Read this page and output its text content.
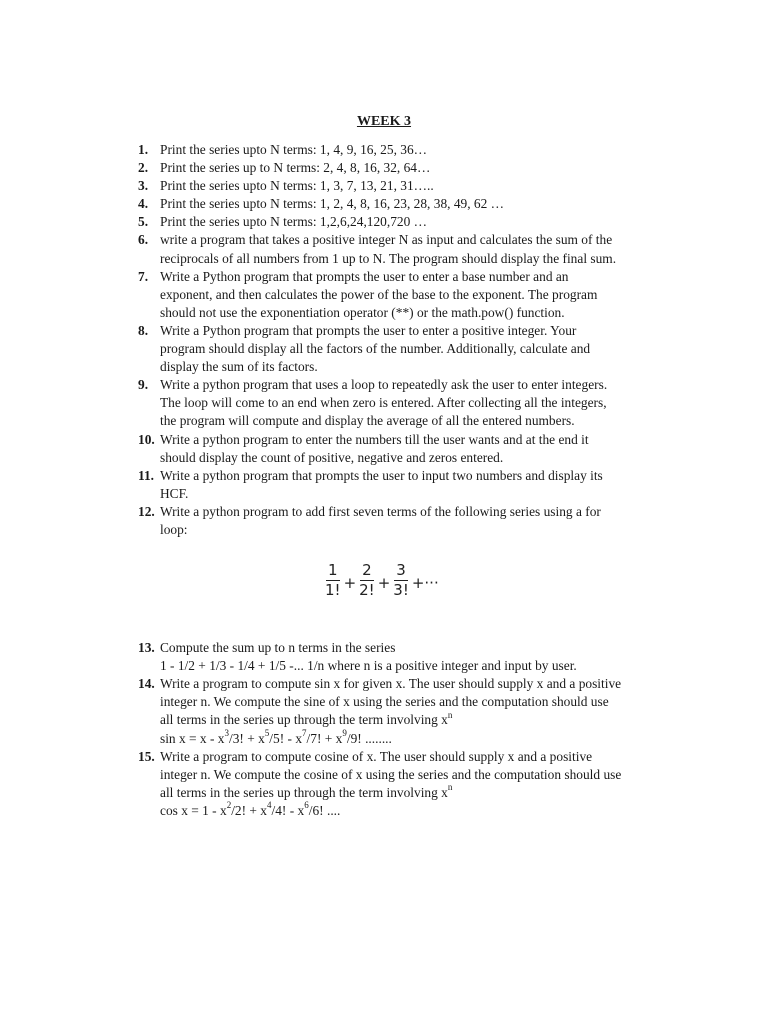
WEEK 3
1. Print the series upto N terms: 1, 4, 9, 16, 25, 36…
2. Print the series up to N terms: 2, 4, 8, 16, 32, 64…
3. Print the series upto N terms: 1, 3, 7, 13, 21, 31…..
4. Print the series upto N terms: 1, 2, 4, 8, 16, 23, 28, 38, 49, 62 …
5. Print the series upto N terms: 1,2,6,24,120,720 …
6. write a program that takes a positive integer N as input and calculates the sum of the
reciprocals of all numbers from 1 up to N. The program should display the final sum.
7. Write a Python program that prompts the user to enter a base number and an
exponent, and then calculates the power of the base to the exponent. The program
should not use the exponentiation operator (**) or the math.pow() function.
8. Write a Python program that prompts the user to enter a positive integer. Your
program should display all the factors of the number. Additionally, calculate and
display the sum of its factors.
9. Write a python program that uses a loop to repeatedly ask the user to enter integers.
The loop will come to an end when zero is entered. After collecting all the integers,
the program will compute and display the average of all the entered numbers.
10. Write a python program to enter the numbers till the user wants and at the end it
should display the count of positive, negative and zeros entered.
11. Write a python program that prompts the user to input two numbers and display its
HCF.
12. Write a python program to add first seven terms of the following series using a for
loop:
$\frac{1}{1!} + \frac{2}{2!} + \frac{3}{3!}$ +···
13. Compute the sum up to n terms in the series
1 - 1/2 + 1/3 - 1/4 + 1/5 -... 1/n where n is a positive integer and input by user.
14. Write a program to compute sin x for given x. The user should supply x and a positive
integer n. We compute the sine of x using the series and the computation should use
all terms in the series up through the term involving $x^n$
$\sin x = x - x^3/3$! + $x^5/5$! - $x^7/7$! + $x^9/9$! ........
15. Write a program to compute cosine of x. The user should supply x and a positive
integer n. We compute the cosine of x using the series and the computation should use
all terms in the series up through the term involving $x^n$
$\cos x = 1 - x^2/2$! + $x^4/4$! - $x^6/6$! ....
